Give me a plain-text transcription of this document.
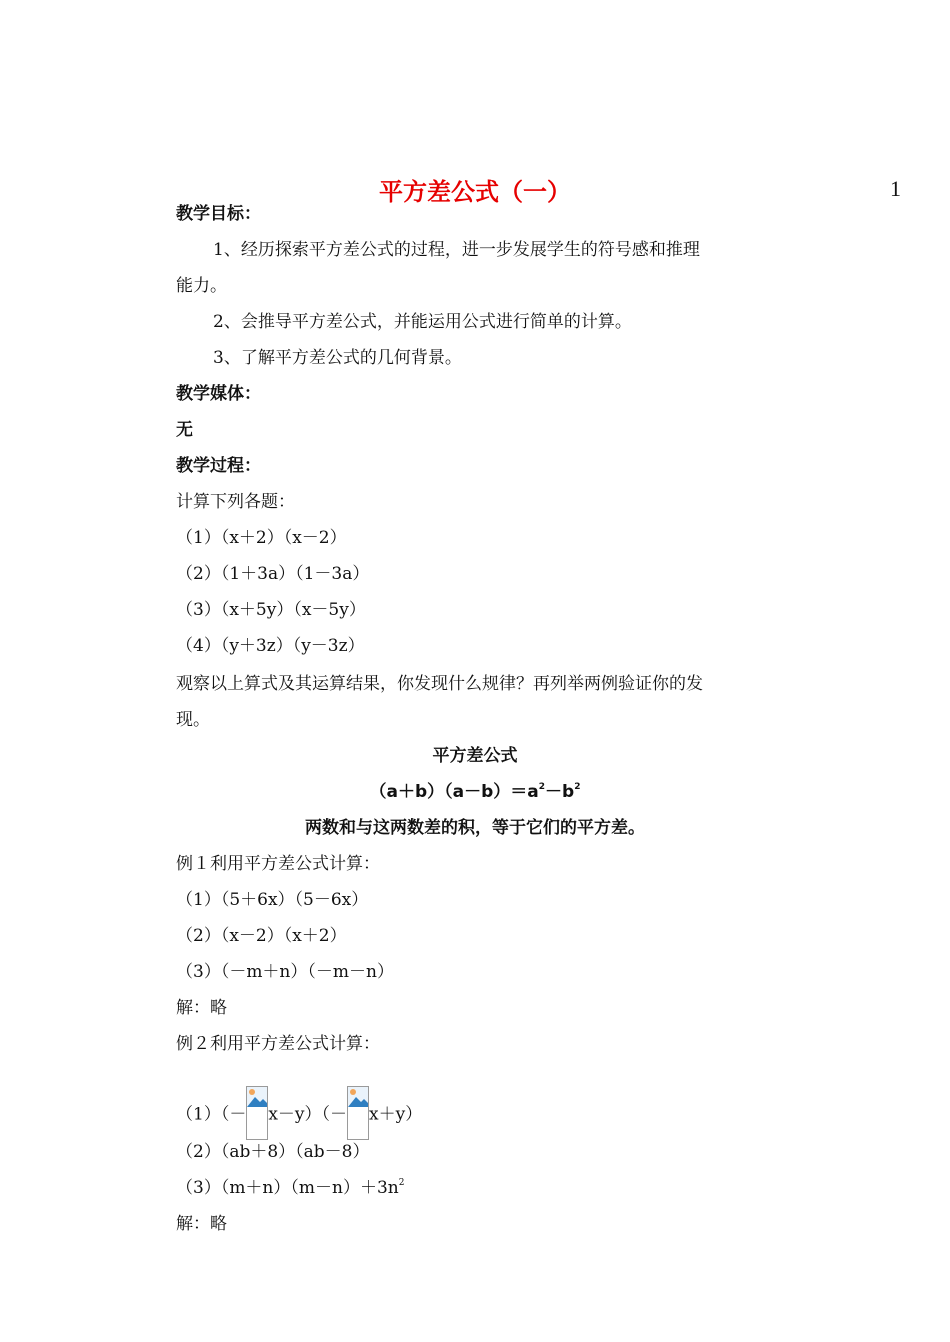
1
平方差公式（一）
教学目标：
1、经历探索平方差公式的过程，进一步发展学生的符号感和推理
能力。
2、会推导平方差公式，并能运用公式进行简单的计算。
3、了解平方差公式的几何背景。
教学媒体：
无
教学过程：
计算下列各题：
（1）（x＋2）（x－2）
（2）（1＋3a）（1－3a）
（3）（x＋5y）（x－5y）
（4）（y＋3z）（y－3z）
观察以上算式及其运算结果，你发现什么规律？再列举两例验证你的发
现。
平方差公式
$(a+b)(a-b)=a^2-b^2$
两数和与这两数差的积，等于它们的平方差。
例１利用平方差公式计算：
（1）（5＋6x）（5－6x）
（2）（x－2）（x＋2）
（3）（－m＋n）（－m－n）
解：略
例２利用平方差公式计算：
（1）（－ x－y）（－ x＋y）
（2）（ab＋8）（ab－8）
$(3)(m+n)(m-n)+3n^2$
解：略
